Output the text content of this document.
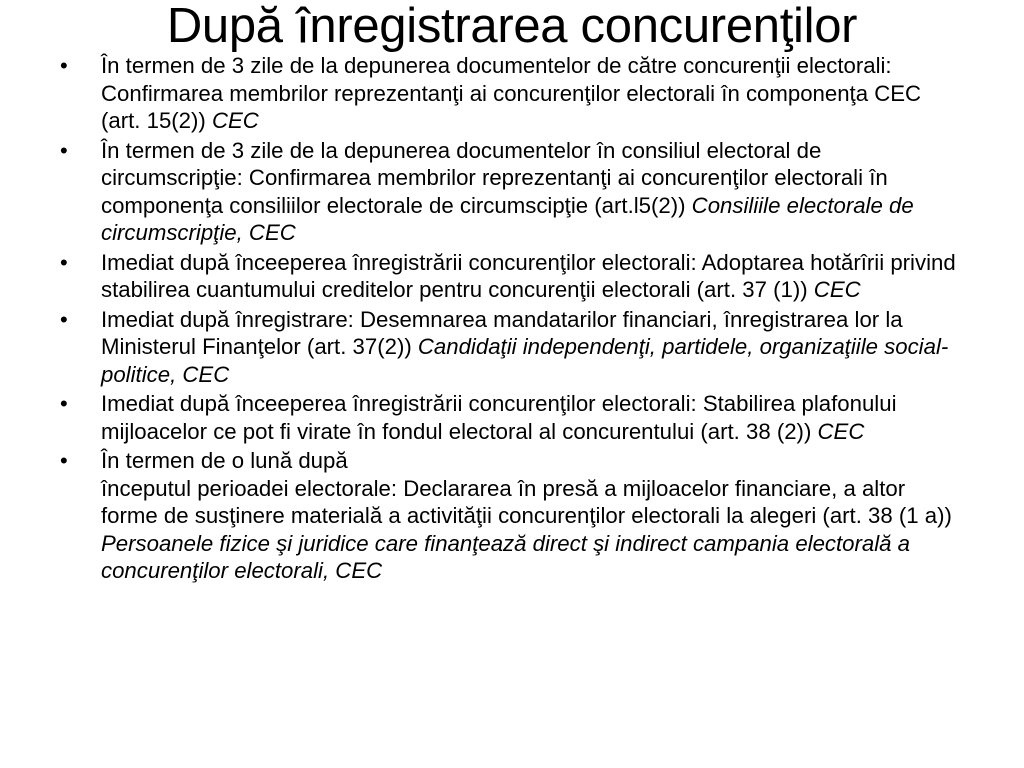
După înregistrarea concurenţilor
• În termen de 3 zile de la depunerea documentelor de către concurenţii electorali: Confirmarea membrilor reprezentanţi ai concurenţilor electorali în componenţa CEC (art. 15(2)) CEC
• În termen de 3 zile de la depunerea documentelor în consiliul electoral de circumscripţie: Confirmarea membrilor reprezentanţi ai concurenţilor electorali în componenţa consiliilor electorale de circumscipţie (art.l5(2)) Consiliile electorale de circumscripţie, CEC
• Imediat după înceeperea înregistrării concurenţilor electorali: Adoptarea hotărîrii privind stabilirea cuantumului creditelor pentru concurenţii electorali (art. 37 (1)) CEC
• Imediat după înregistrare: Desemnarea mandatarilor financiari, înregistrarea lor la Ministerul Finanţelor (art. 37(2)) Candidaţii independenţi, partidele, organizaţiile social-politice, CEC
• Imediat după înceeperea înregistrării concurenţilor electorali: Stabilirea plafonului mijloacelor ce pot fi virate în fondul electoral al concurentului (art. 38 (2)) CEC
• În termen de o lună după
începutul perioadei electorale: Declararea în presă a mijloacelor financiare, a altor forme de susţinere materială a activităţii concurenţilor electorali la alegeri (art. 38 (1 a)) Persoanele fizice şi juridice care finanţează direct şi indirect campania electorală a concurenţilor electorali, CEC
